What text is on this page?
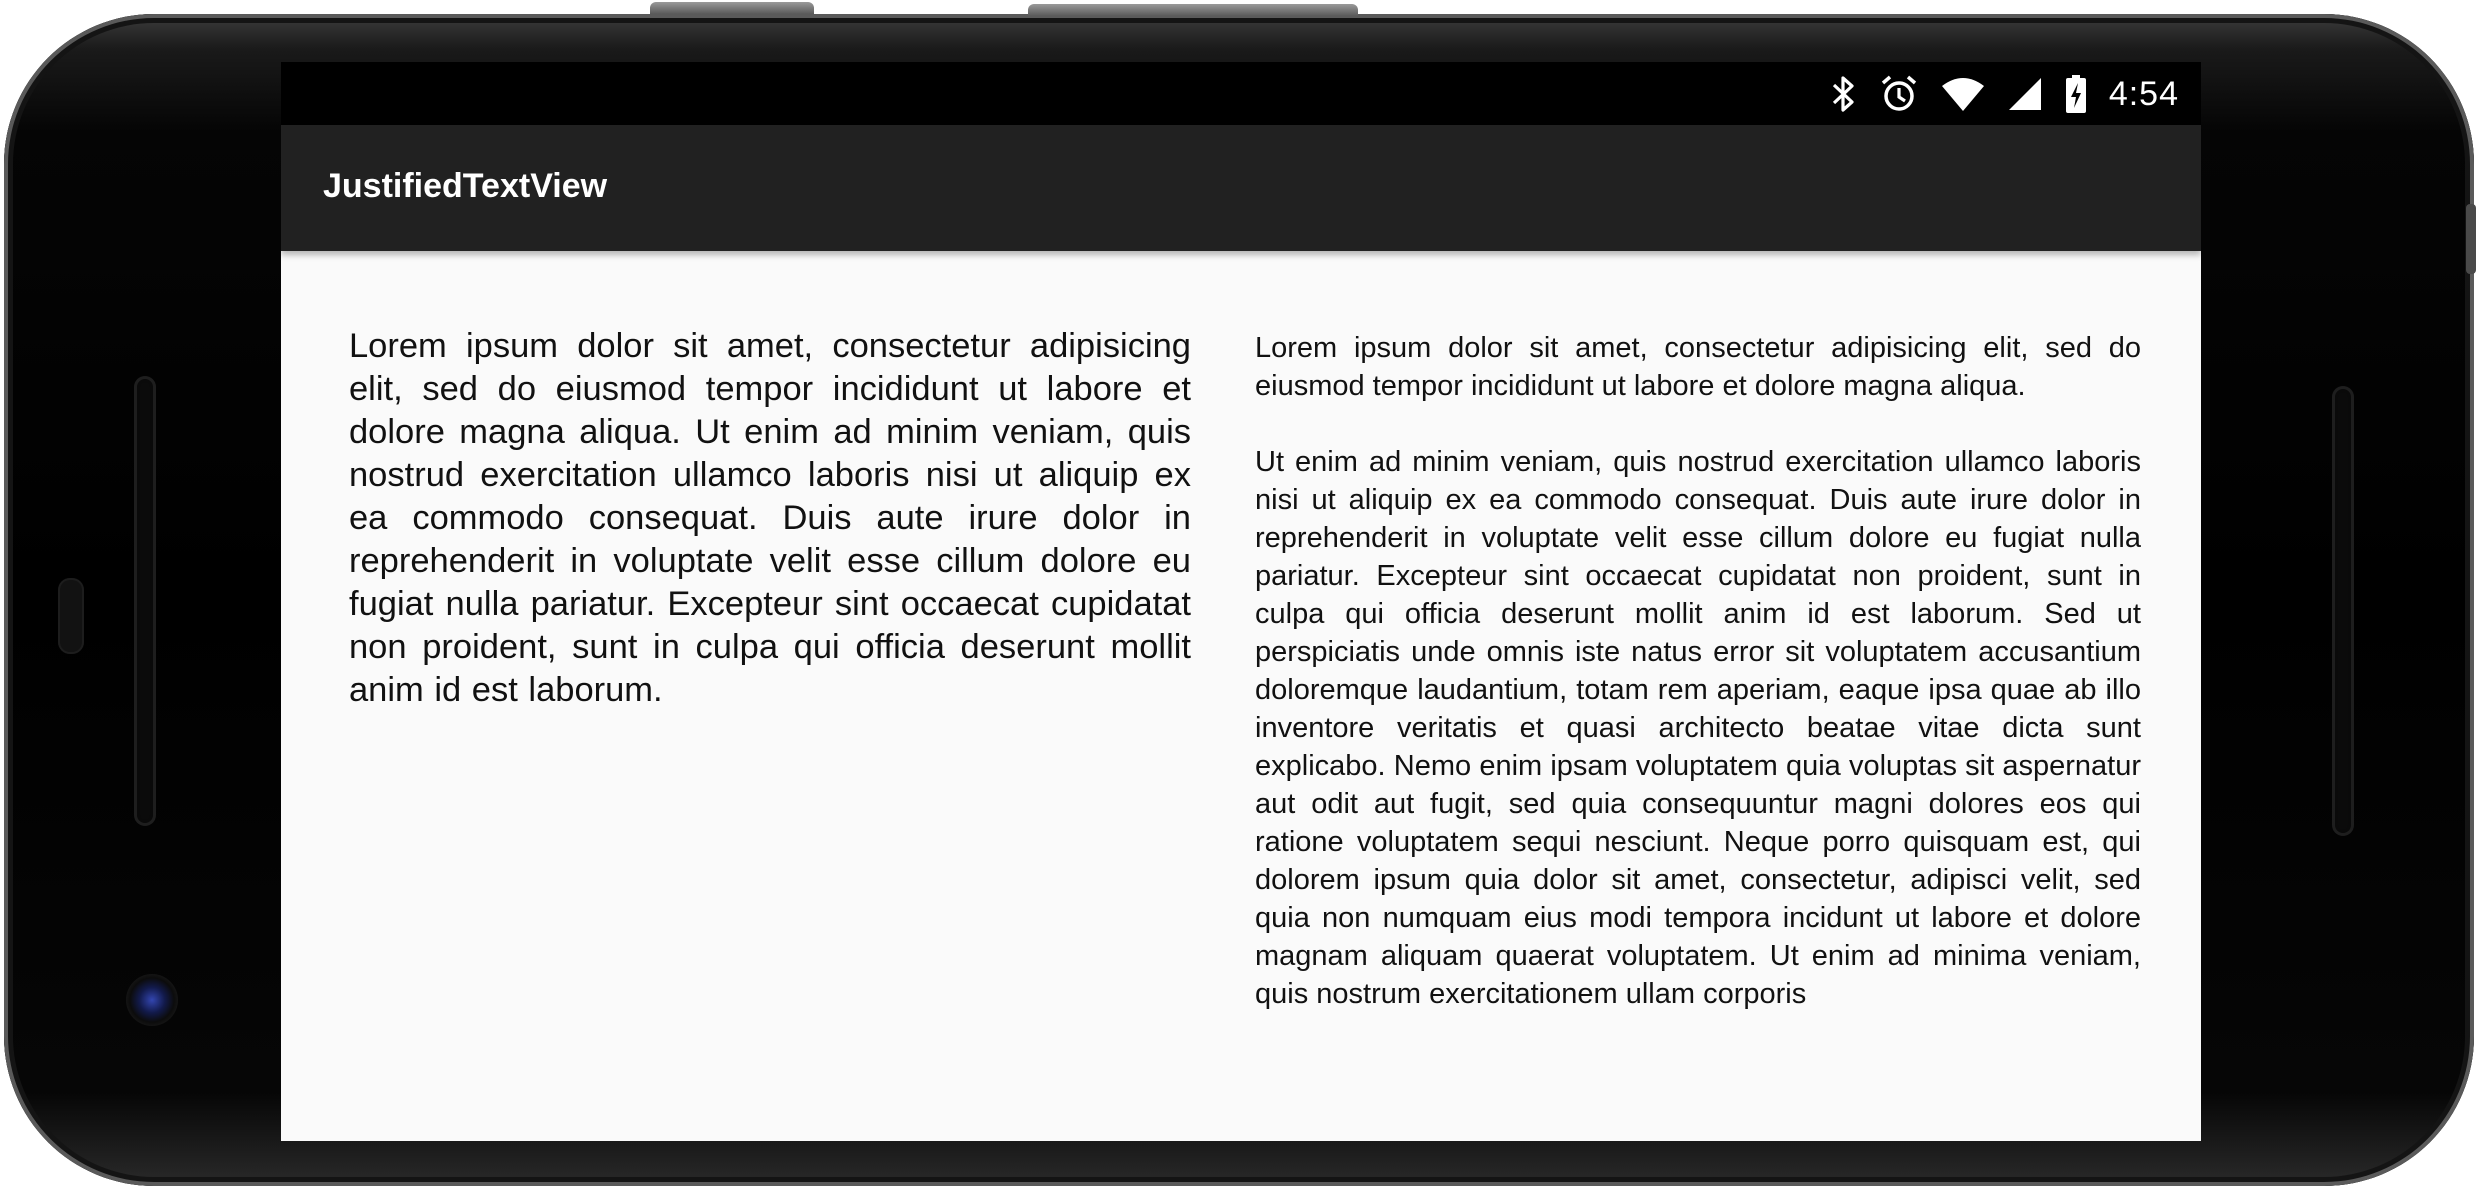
4:54
JustifiedTextView
Lorem ipsum dolor sit amet, consectetur adipisicing elit, sed do eiusmod tempor incididunt ut labore et dolore magna aliqua. Ut enim ad minim veniam, quis nostrud exercitation ullamco laboris nisi ut aliquip ex ea commodo consequat. Duis aute irure dolor in reprehenderit in voluptate velit esse cillum dolore eu fugiat nulla pariatur. Excepteur sint occaecat cupidatat non proident, sunt in culpa qui officia deserunt mollit anim id est laborum.

Lorem ipsum dolor sit amet, consectetur adipisicing elit, sed do eiusmod tempor incididunt ut labore et dolore magna aliqua.

Ut enim ad minim veniam, quis nostrud exercitation ullamco laboris nisi ut aliquip ex ea commodo consequat. Duis aute irure dolor in reprehenderit in voluptate velit esse cillum dolore eu fugiat nulla pariatur. Excepteur sint occaecat cupidatat non proident, sunt in culpa qui officia deserunt mollit anim id est laborum. Sed ut perspiciatis unde omnis iste natus error sit voluptatem accusantium doloremque laudantium, totam rem aperiam, eaque ipsa quae ab illo inventore veritatis et quasi architecto beatae vitae dicta sunt explicabo. Nemo enim ipsam voluptatem quia voluptas sit aspernatur aut odit aut fugit, sed quia consequuntur magni dolores eos qui ratione voluptatem sequi nesciunt. Neque porro quisquam est, qui dolorem ipsum quia dolor sit amet, consectetur, adipisci velit, sed quia non numquam eius modi tempora incidunt ut labore et dolore magnam aliquam quaerat voluptatem. Ut enim ad minima veniam, quis nostrum exercitationem ullam corporis
